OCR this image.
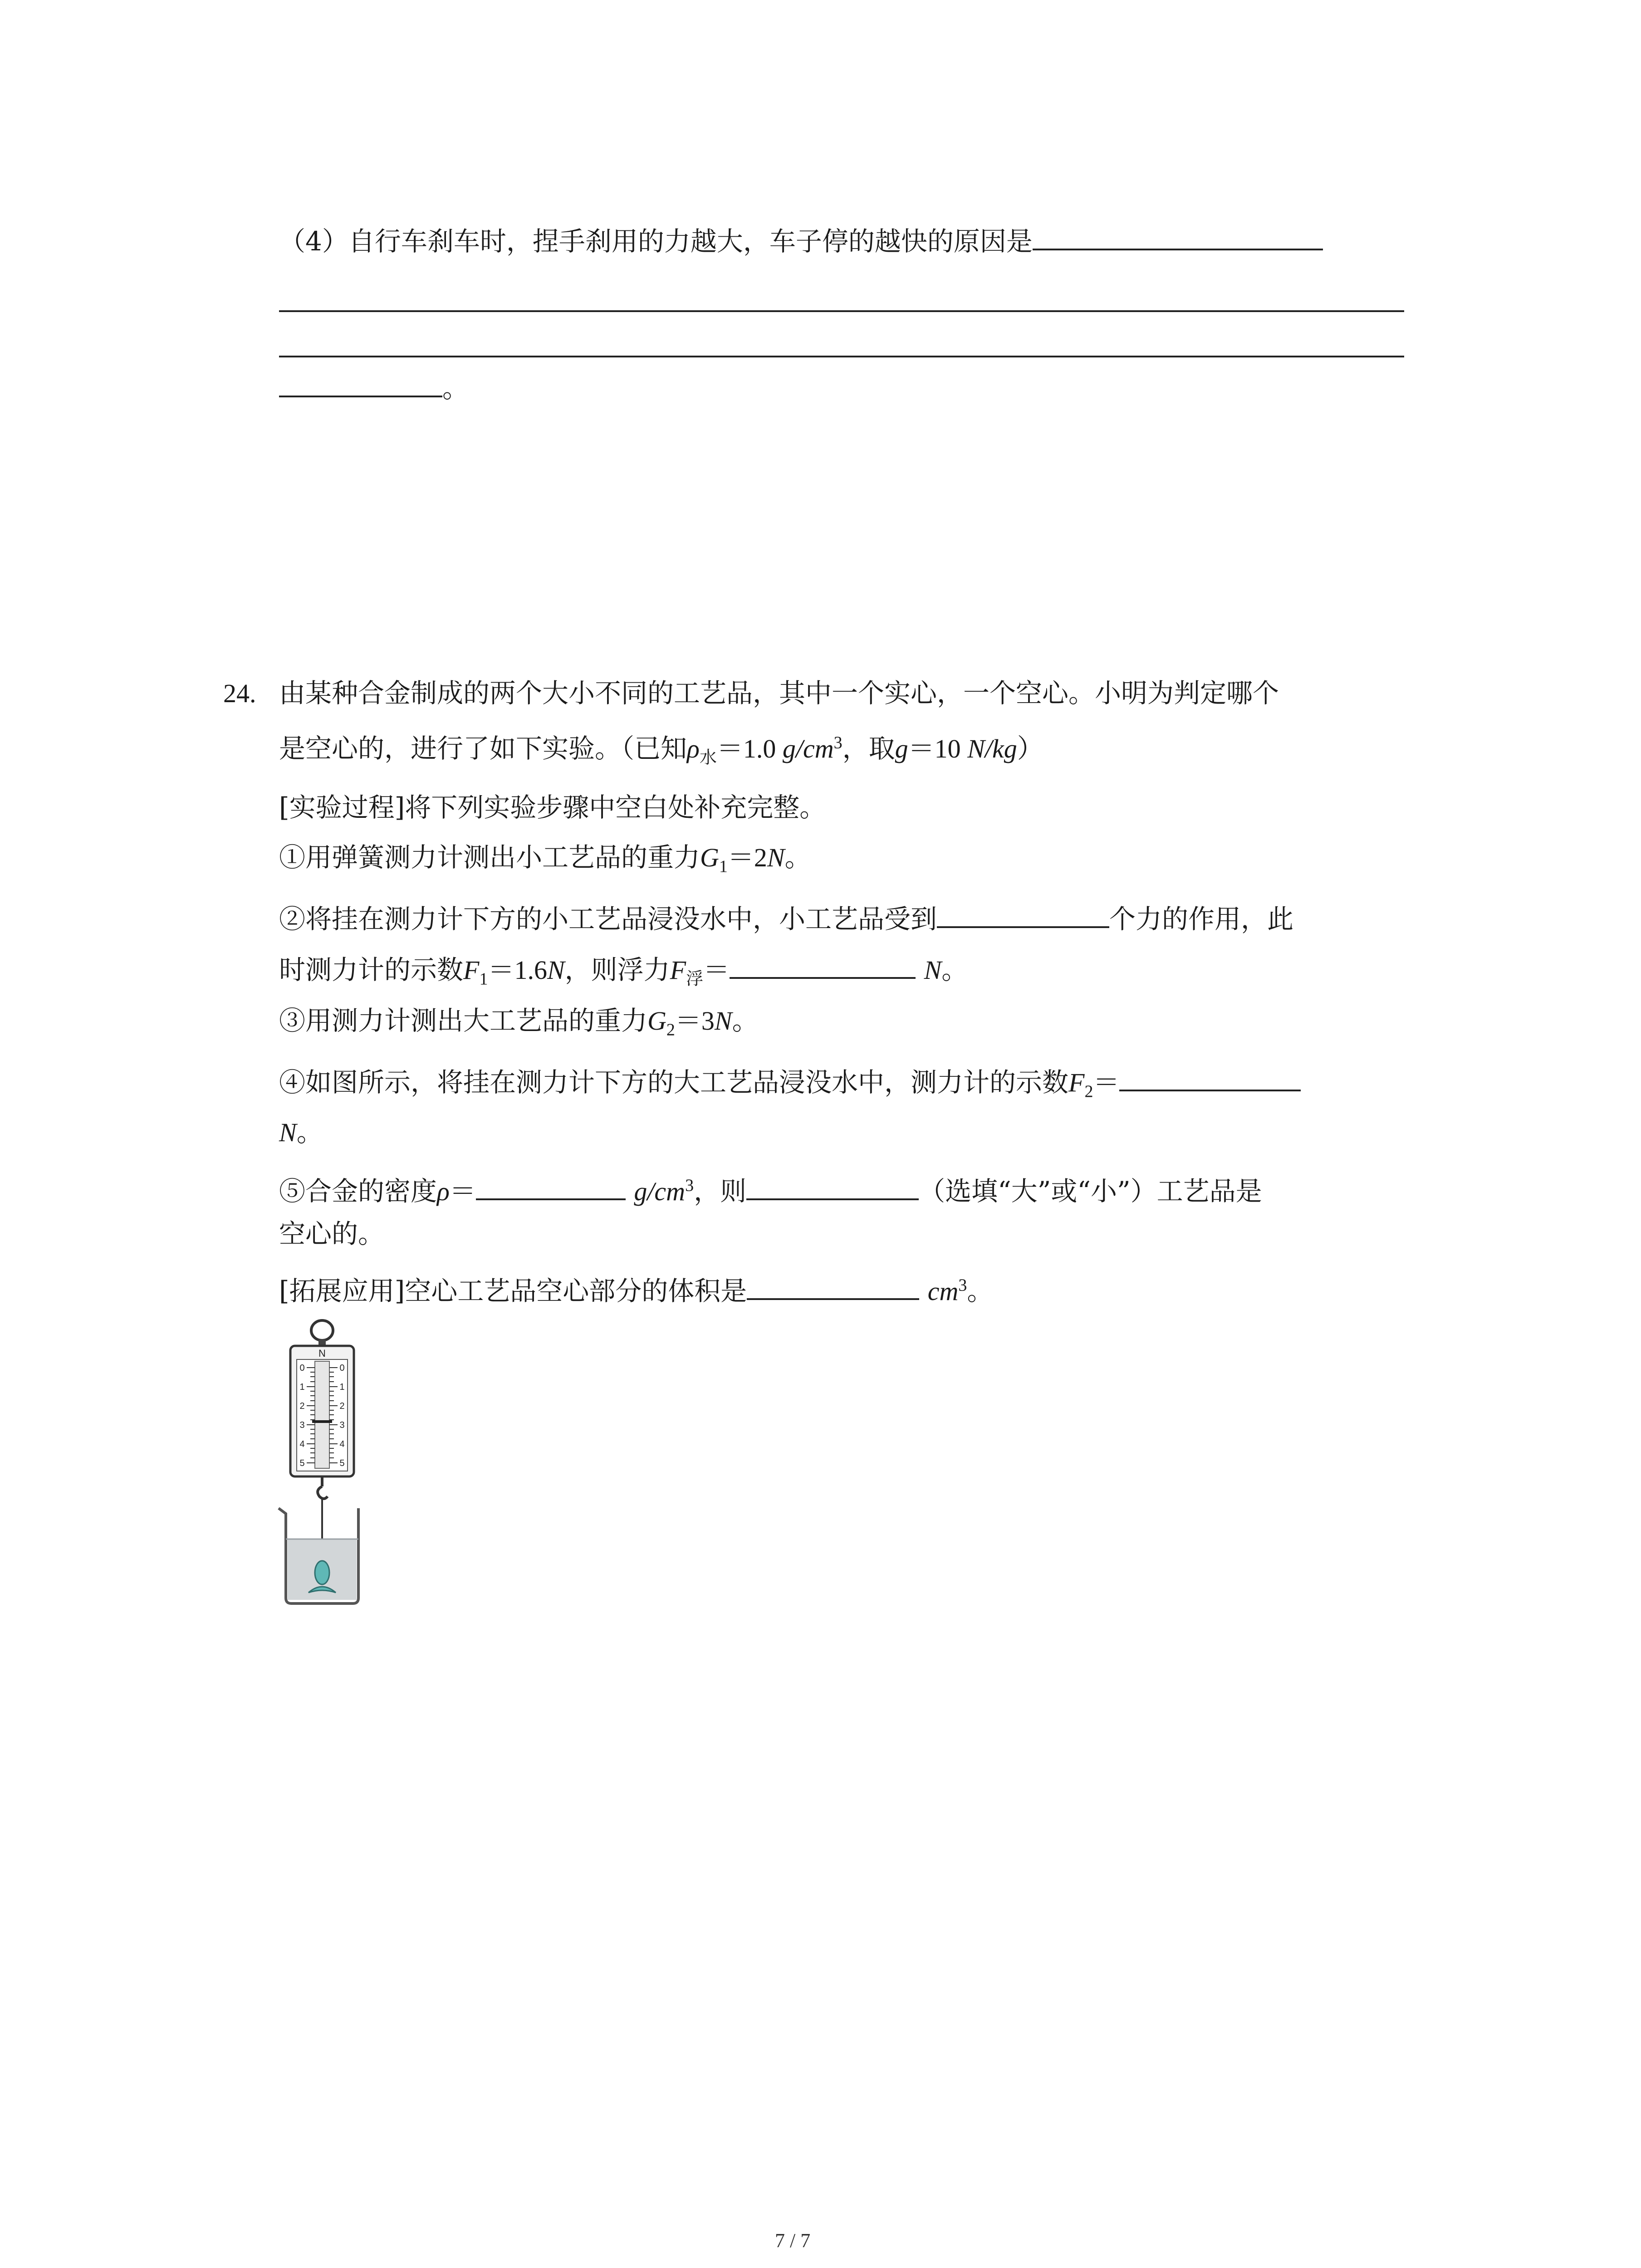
（4）自行车刹车时，捏手刹用的力越大，车子停的越快的原因是
。
24. 由某种合金制成的两个大小不同的工艺品，其中一个实心，一个空心。小明为判定哪个
是空心的，进行了如下实验。（已知$\rho_水=1.0$ $g/cm^3$，取g＝10 N/kg）
[实验过程]将下列实验步骤中空白处补充完整。
①用弹簧测力计测出小工艺品的重力$G_1=2N$。
②将挂在测力计下方的小工艺品浸没水中，小工艺品受到	个力的作用，此
时测力计的示数$F_1=1.6N$，则浮力$F_浮=$	N。
③用测力计测出大工艺品的重力$G_2=3N$。
④如图所示，将挂在测力计下方的大工艺品浸没水中，测力计的示数$F_2=$
N。
⑤合金的密度ρ＝	$g/cm^3$，则	（选填“大”或“小”）工艺品是
空心的。
[拓展应用]空心工艺品空心部分的体积是	$cm^3$。
N
0
1
2
3
4
5
0
1
2
3
4
5
7 / 7
